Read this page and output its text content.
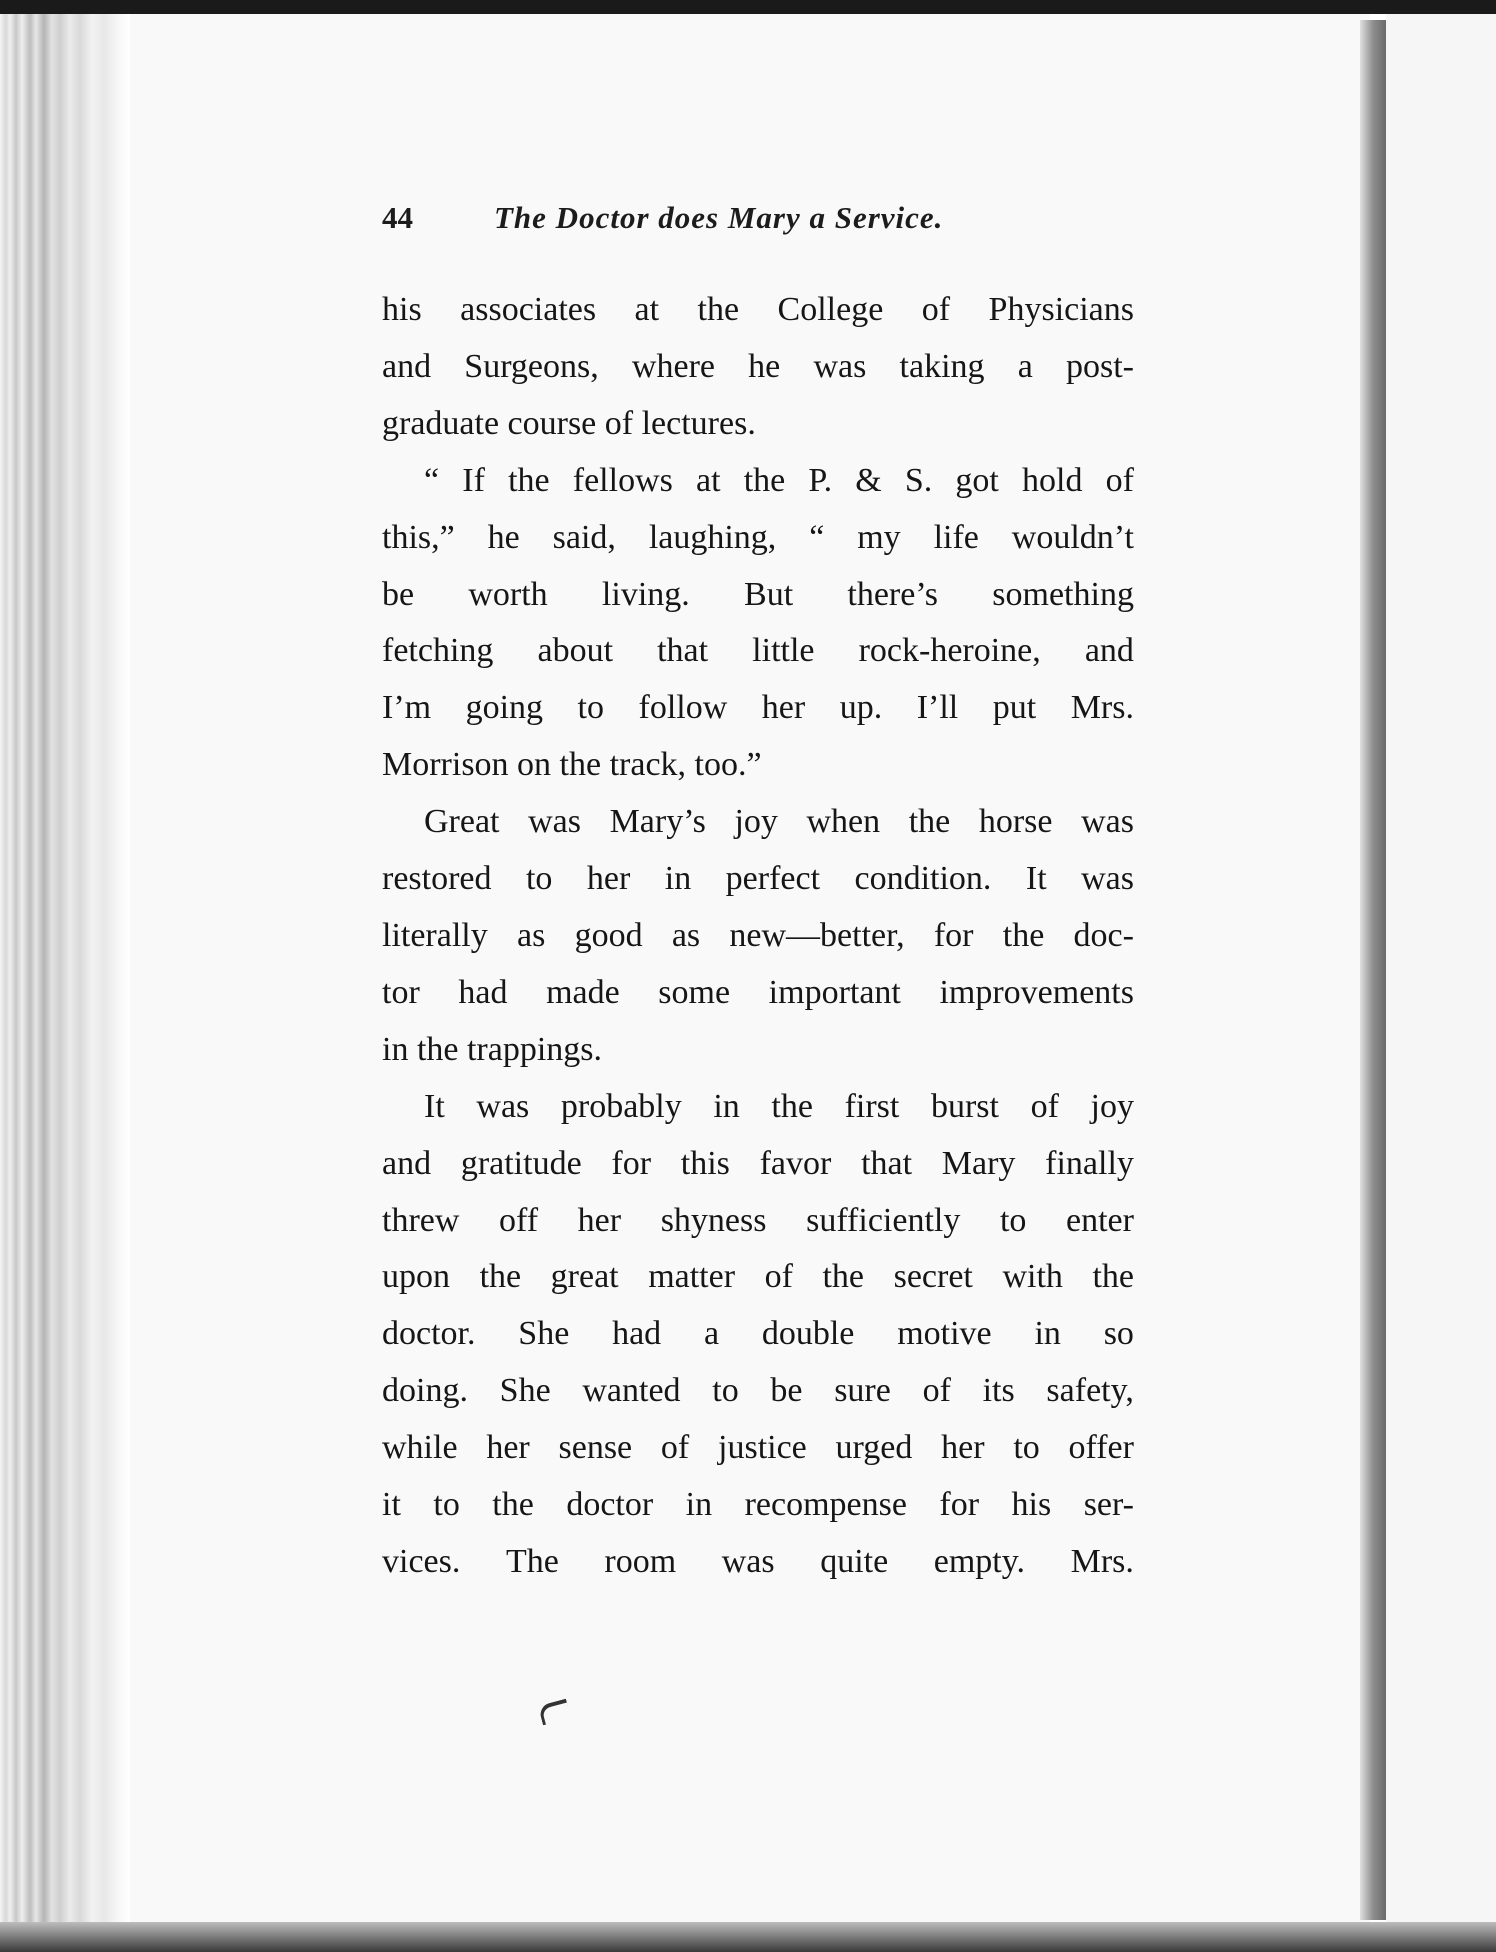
44	The Doctor does Mary a Service.

his associates at the College of Physicians
and Surgeons, where he was taking a post-
graduate course of lectures.

“ If the fellows at the P. & S. got hold of
this,” he said, laughing, “ my life wouldn’t
be worth living. But there’s something
fetching about that little rock-heroine, and
I’m going to follow her up. I’ll put Mrs.
Morrison on the track, too.”

Great was Mary’s joy when the horse was
restored to her in perfect condition. It was
literally as good as new—better, for the doc-
tor had made some important improvements
in the trappings.

It was probably in the first burst of joy
and gratitude for this favor that Mary finally
threw off her shyness sufficiently to enter
upon the great matter of the secret with the
doctor. She had a double motive in so
doing. She wanted to be sure of its safety,
while her sense of justice urged her to offer
it to the doctor in recompense for his ser-
vices. The room was quite empty. Mrs.
